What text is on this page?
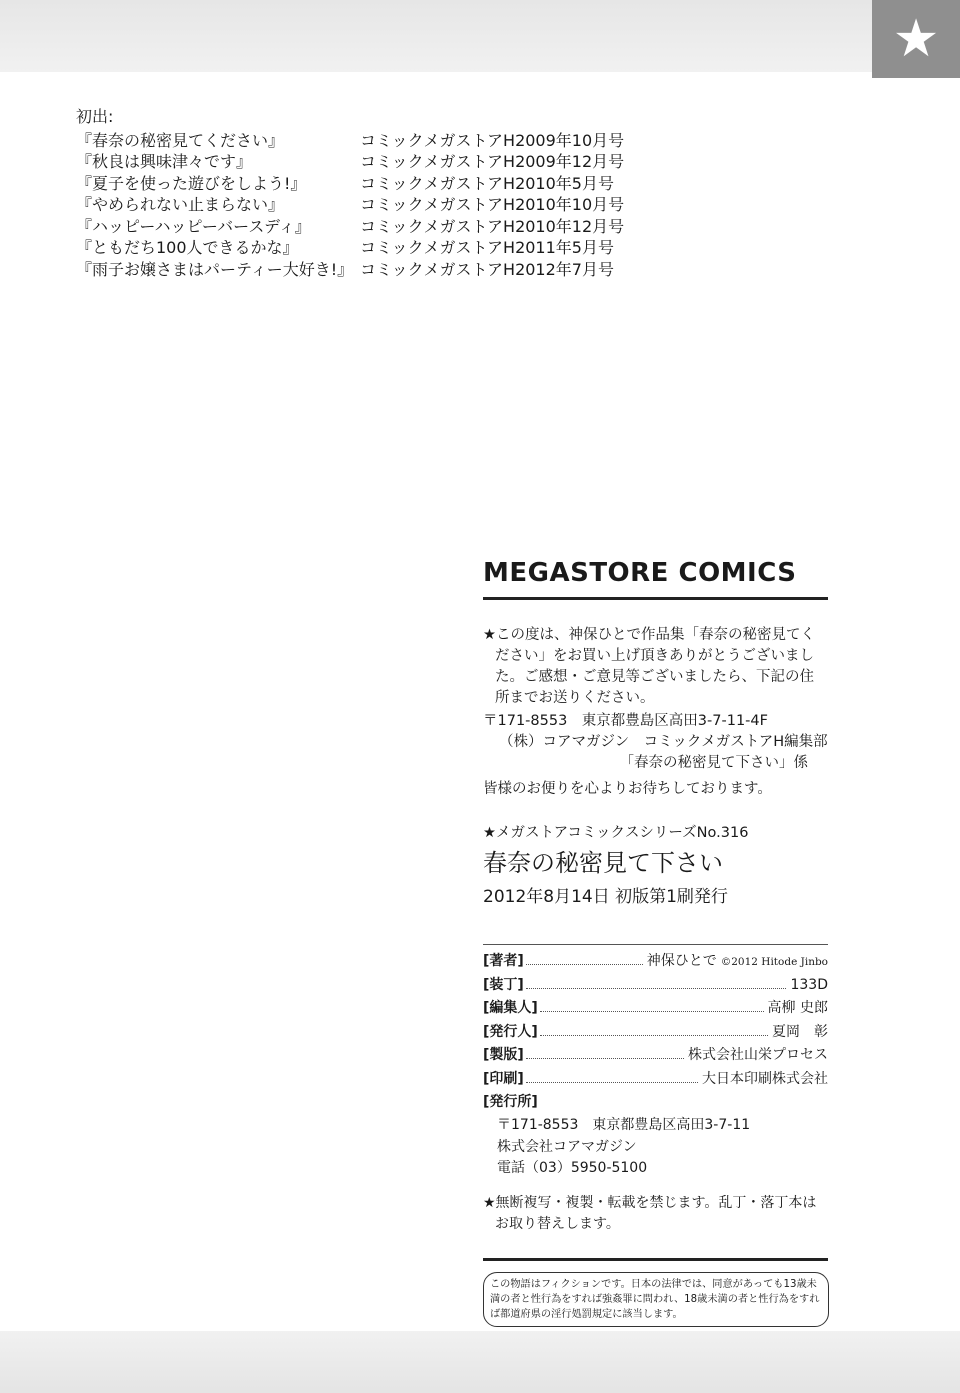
★
初出:
『春奈の秘密見てください』	コミックメガストアH2009年10月号
『秋良は興味津々です』	コミックメガストアH2009年12月号
『夏子を使った遊びをしよう!』	コミックメガストアH2010年5月号
『やめられない止まらない』	コミックメガストアH2010年10月号
『ハッピーハッピーバースディ』	コミックメガストアH2010年12月号
『ともだち100人できるかな』	コミックメガストアH2011年5月号
『雨子お嬢さまはパーティー大好き!』 コミックメガストアH2012年7月号
MEGASTORE COMICS

★この度は、神保ひとで作品集「春奈の秘密見てください」をお買い上げ頂きありがとうございました。ご感想・ご意見等ございましたら、下記の住所までお送りください。

〒171-8553　東京都豊島区高田3-7-11-4F
（株）コアマガジン　コミックメガストアH編集部
「春奈の秘密見て下さい」係
皆様のお便りを心よりお待ちしております。
★メガストアコミックスシリーズNo.316
春奈の秘密見て下さい
2012年8月14日 初版第1刷発行
[著者]	神保ひとで ©2012 Hitode Jinbo
[装丁]	133D
[編集人]	高柳 史郎
[発行人]	夏岡　彰
[製版]	株式会社山栄プロセス
[印刷]	大日本印刷株式会社
[発行所]
〒171-8553　東京都豊島区高田3-7-11
株式会社コアマガジン
電話（03）5950-5100

★無断複写・複製・転載を禁じます。乱丁・落丁本はお取り替えします。

この物語はフィクションです。日本の法律では、同意があっても13歳未満の者と性行為をすれば強姦罪に問われ、18歳未満の者と性行為をすれば都道府県の淫行処罰規定に該当します。
